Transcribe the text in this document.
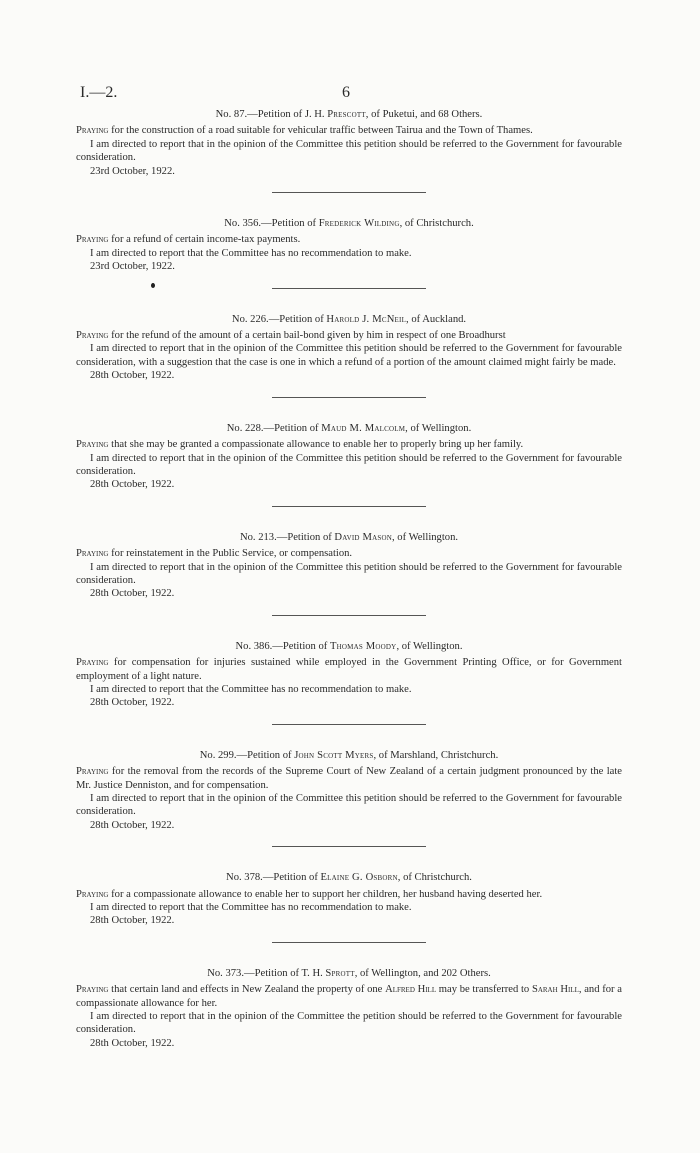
I.—2.	6

No. 87.—Petition of J. H. Prescott, of Puketui, and 68 Others.

Praying for the construction of a road suitable for vehicular traffic between Tairua and the Town of Thames.

I am directed to report that in the opinion of the Committee this petition should be referred to the Government for favourable consideration.

23rd October, 1922.

No. 356.—Petition of Frederick Wilding, of Christchurch.

Praying for a refund of certain income-tax payments.

I am directed to report that the Committee has no recommendation to make.

23rd October, 1922.

No. 226.—Petition of Harold J. McNeil, of Auckland.

Praying for the refund of the amount of a certain bail-bond given by him in respect of one Broadhurst

I am directed to report that in the opinion of the Committee this petition should be referred to the Government for favourable consideration, with a suggestion that the case is one in which a refund of a portion of the amount claimed might fairly be made.

28th October, 1922.

No. 228.—Petition of Maud M. Malcolm, of Wellington.

Praying that she may be granted a compassionate allowance to enable her to properly bring up her family.

I am directed to report that in the opinion of the Committee this petition should be referred to the Government for favourable consideration.

28th October, 1922.

No. 213.—Petition of David Mason, of Wellington.

Praying for reinstatement in the Public Service, or compensation.

I am directed to report that in the opinion of the Committee this petition should be referred to the Government for favourable consideration.

28th October, 1922.

No. 386.—Petition of Thomas Moody, of Wellington.

Praying for compensation for injuries sustained while employed in the Government Printing Office, or for Government employment of a light nature.

I am directed to report that the Committee has no recommendation to make.

28th October, 1922.

No. 299.—Petition of John Scott Myers, of Marshland, Christchurch.

Praying for the removal from the records of the Supreme Court of New Zealand of a certain judgment pronounced by the late Mr. Justice Denniston, and for compensation.

I am directed to report that in the opinion of the Committee this petition should be referred to the Government for favourable consideration.

28th October, 1922.

No. 378.—Petition of Elaine G. Osborn, of Christchurch.

Praying for a compassionate allowance to enable her to support her children, her husband having deserted her.

I am directed to report that the Committee has no recommendation to make.

28th October, 1922.

No. 373.—Petition of T. H. Sprott, of Wellington, and 202 Others.

Praying that certain land and effects in New Zealand the property of one Alfred Hill may be transferred to Sarah Hill, and for a compassionate allowance for her.

I am directed to report that in the opinion of the Committee the petition should be referred to the Government for favourable consideration.

28th October, 1922.
